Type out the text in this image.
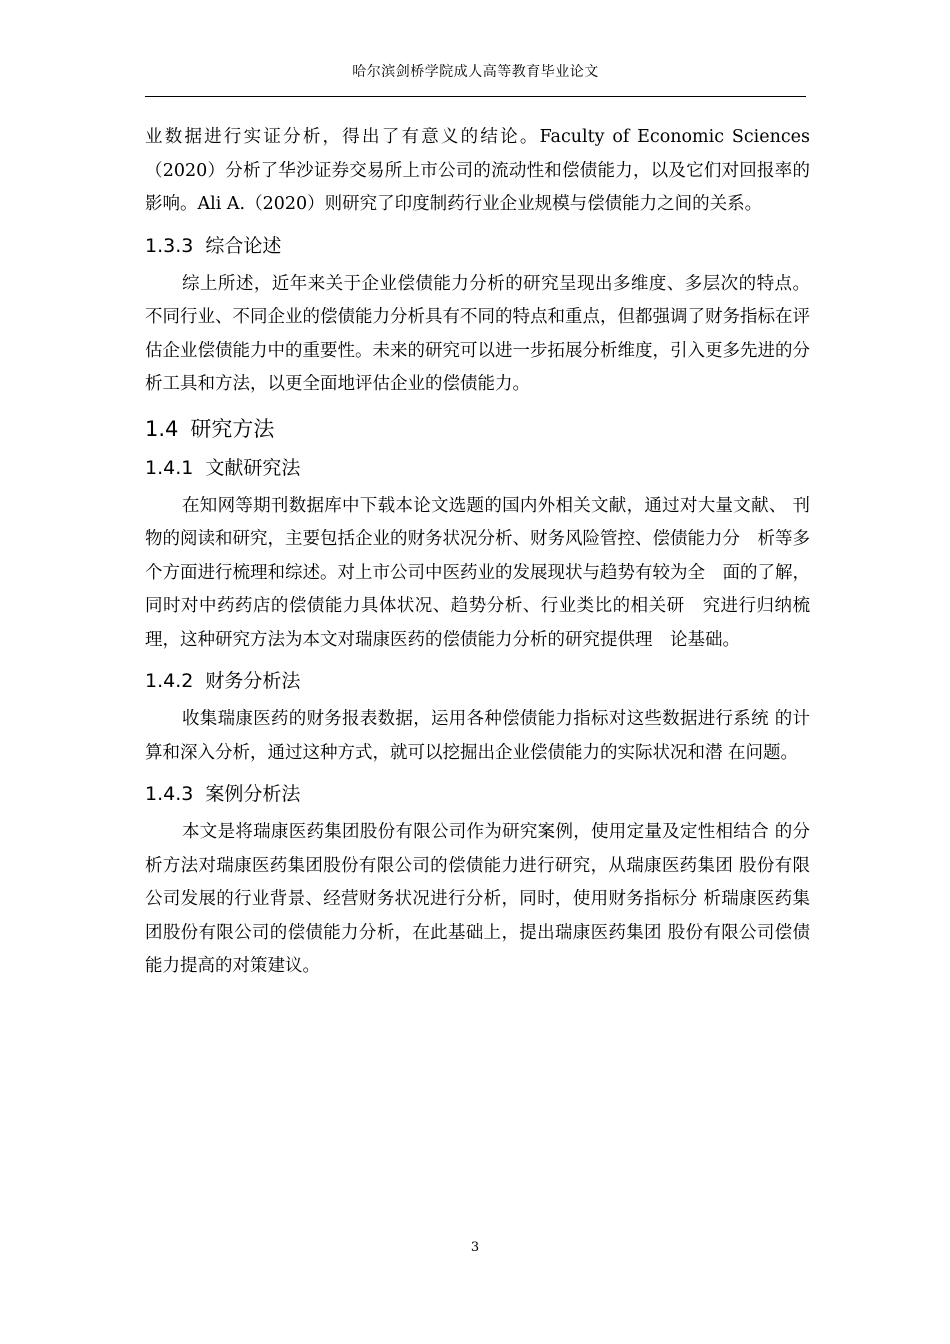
哈尔滨剑桥学院成人高等教育毕业论文

业数据进行实证分析，得出了有意义的结论。Faculty of Economic Sciences（2020）分析了华沙证券交易所上市公司的流动性和偿债能力，以及它们对回报率的影响。Ali A.（2020）则研究了印度制药行业企业规模与偿债能力之间的关系。

1.3.3 综合论述

综上所述，近年来关于企业偿债能力分析的研究呈现出多维度、多层次的特点。不同行业、不同企业的偿债能力分析具有不同的特点和重点，但都强调了财务指标在评估企业偿债能力中的重要性。未来的研究可以进一步拓展分析维度，引入更多先进的分析工具和方法，以更全面地评估企业的偿债能力。

1.4 研究方法
1.4.1 文献研究法

在知网等期刊数据库中下载本论文选题的国内外相关文献，通过对大量文献、 刊物的阅读和研究，主要包括企业的财务状况分析、财务风险管控、偿债能力分　析等多个方面进行梳理和综述。对上市公司中医药业的发展现状与趋势有较为全　面的了解，同时对中药药店的偿债能力具体状况、趋势分析、行业类比的相关研　究进行归纳梳理，这种研究方法为本文对瑞康医药的偿债能力分析的研究提供理　论基础。

1.4.2 财务分析法

收集瑞康医药的财务报表数据，运用各种偿债能力指标对这些数据进行系统 的计算和深入分析，通过这种方式，就可以挖掘出企业偿债能力的实际状况和潜 在问题。

1.4.3 案例分析法

本文是将瑞康医药集团股份有限公司作为研究案例，使用定量及定性相结合 的分析方法对瑞康医药集团股份有限公司的偿债能力进行研究，从瑞康医药集团 股份有限公司发展的行业背景、经营财务状况进行分析，同时，使用财务指标分 析瑞康医药集团股份有限公司的偿债能力分析，在此基础上，提出瑞康医药集团 股份有限公司偿债能力提高的对策建议。

3
